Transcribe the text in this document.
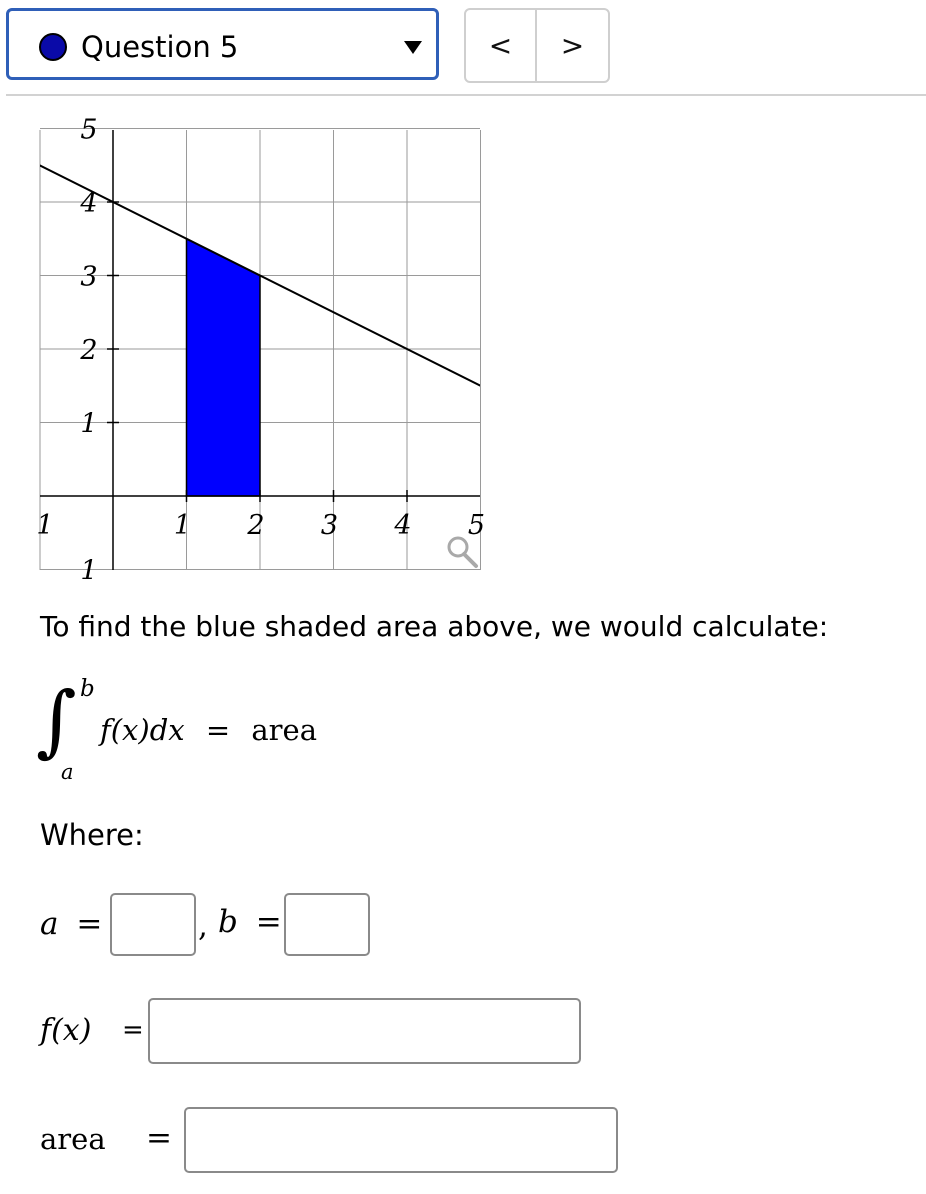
Question 5	< >
1	1 2 3 4 5
1
2
3
4
5
1
To find the blue shaded area above, we would calculate:
∫ b
a
f(x)dx = area
Where:
a =	, b =
f(x) =
area =
